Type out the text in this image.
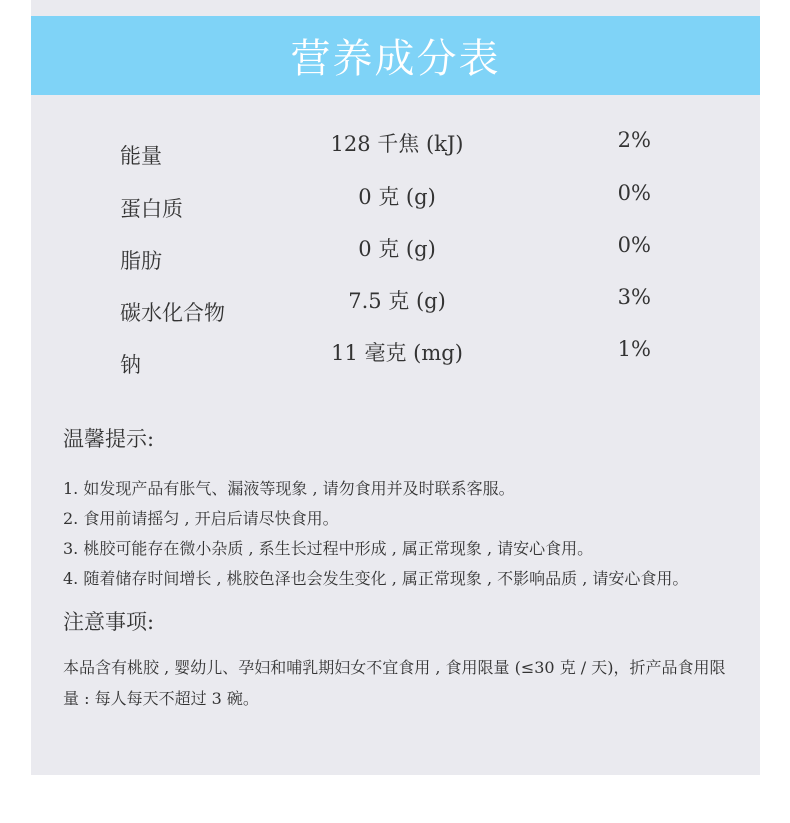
营养成分表
能量	128 千焦 (kJ)	2%
蛋白质	0 克 (g)	0%
脂肪	0 克 (g)	0%
碳水化合物	7.5 克 (g)	3%
钠	11 毫克 (mg)	1%
温馨提示:
1. 如发现产品有胀气、漏液等现象 , 请勿食用并及时联系客服。
2. 食用前请摇匀 , 开启后请尽快食用。
3. 桃胶可能存在微小杂质 , 系生长过程中形成 , 属正常现象 , 请安心食用。
4. 随着储存时间增长 , 桃胶色泽也会发生变化 , 属正常现象 , 不影响品质 , 请安心食用。
注意事项:
本品含有桃胶 , 婴幼儿、孕妇和哺乳期妇女不宜食用 , 食用限量 (≤30 克 / 天)，折产品食用限量 : 每人每天不超过 3 碗。
